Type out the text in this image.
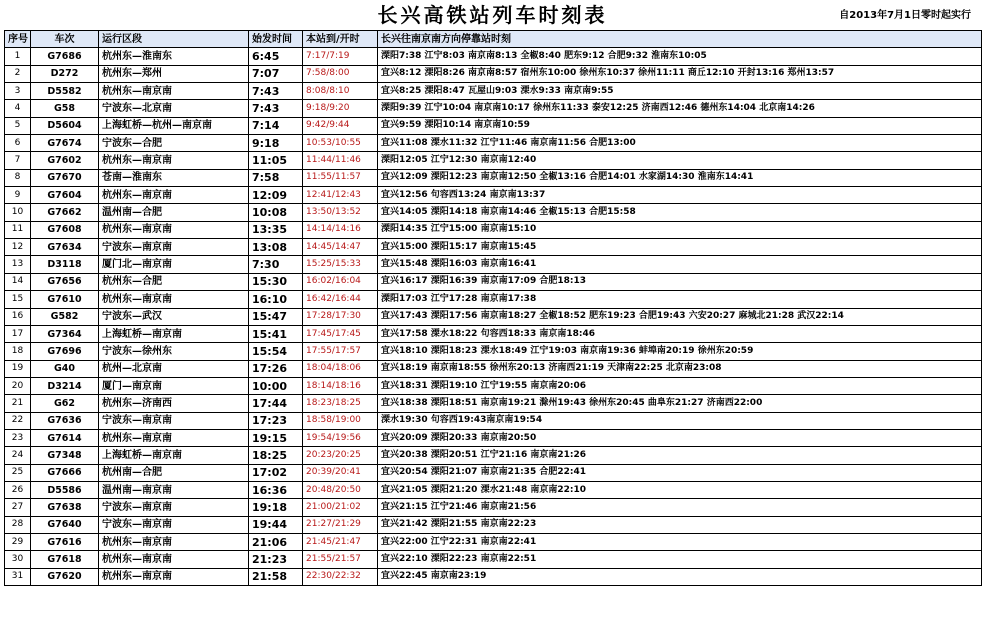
长兴高铁站列车时刻表	自2013年7月1日零时起实行
序号	车次	运行区段	始发时间	本站到/开时	长兴往南京南方向停靠站时刻
1	G7686	杭州东—淮南东	6:45	7:17/7:19	溧阳7:38 江宁8:03 南京南8:13 全椒8:40 肥东9:12 合肥9:32 淮南东10:05
2	D272	杭州东—郑州	7:07	7:58/8:00	宜兴8:12 溧阳8:26 南京南8:57 宿州东10:00 徐州东10:37 徐州11:11 商丘12:10 开封13:16 郑州13:57
3	D5582	杭州东—南京南	7:43	8:08/8:10	宜兴8:25 溧阳8:47 瓦屋山9:03 溧水9:33 南京南9:55
4	G58	宁波东—北京南	7:43	9:18/9:20	溧阳9:39 江宁10:04 南京南10:17 徐州东11:33 泰安12:25 济南西12:46 德州东14:04 北京南14:26
5	D5604	上海虹桥—杭州—南京南	7:14	9:42/9:44	宜兴9:59 溧阳10:14 南京南10:59
6	G7674	宁波东—合肥	9:18	10:53/10:55	宜兴11:08 溧水11:32 江宁11:46 南京南11:56 合肥13:00
7	G7602	杭州东—南京南	11:05	11:44/11:46	溧阳12:05 江宁12:30 南京南12:40
8	G7670	苍南—淮南东	7:58	11:55/11:57	宜兴12:09 溧阳12:23 南京南12:50 全椒13:16 合肥14:01 水家湖14:30 淮南东14:41
9	G7604	杭州东—南京南	12:09	12:41/12:43	宜兴12:56 句容西13:24 南京南13:37
10	G7662	温州南—合肥	10:08	13:50/13:52	宜兴14:05 溧阳14:18 南京南14:46 全椒15:13 合肥15:58
11	G7608	杭州东—南京南	13:35	14:14/14:16	溧阳14:35 江宁15:00 南京南15:10
12	G7634	宁波东—南京南	13:08	14:45/14:47	宜兴15:00 溧阳15:17 南京南15:45
13	D3118	厦门北—南京南	7:30	15:25/15:33	宜兴15:48 溧阳16:03 南京南16:41
14	G7656	杭州东—合肥	15:30	16:02/16:04	宜兴16:17 溧阳16:39 南京南17:09 合肥18:13
15	G7610	杭州东—南京南	16:10	16:42/16:44	溧阳17:03 江宁17:28 南京南17:38
16	G582	宁波东—武汉	15:47	17:28/17:30	宜兴17:43 溧阳17:56 南京南18:27 全椒18:52 肥东19:23 合肥19:43 六安20:27 麻城北21:28 武汉22:14
17	G7364	上海虹桥—南京南	15:41	17:45/17:45	宜兴17:58 溧水18:22 句容西18:33 南京南18:46
18	G7696	宁波东—徐州东	15:54	17:55/17:57	宜兴18:10 溧阳18:23 溧水18:49 江宁19:03 南京南19:36 蚌埠南20:19 徐州东20:59
19	G40	杭州—北京南	17:26	18:04/18:06	宜兴18:19 南京南18:55 徐州东20:13 济南西21:19 天津南22:25 北京南23:08
20	D3214	厦门—南京南	10:00	18:14/18:16	宜兴18:31 溧阳19:10 江宁19:55 南京南20:06
21	G62	杭州东—济南西	17:44	18:23/18:25	宜兴18:38 溧阳18:51 南京南19:21 滁州19:43 徐州东20:45 曲阜东21:27 济南西22:00
22	G7636	宁波东—南京南	17:23	18:58/19:00	溧水19:30 句容西19:43南京南19:54
23	G7614	杭州东—南京南	19:15	19:54/19:56	宜兴20:09 溧阳20:33 南京南20:50
24	G7348	上海虹桥—南京南	18:25	20:23/20:25	宜兴20:38 溧阳20:51 江宁21:16 南京南21:26
25	G7666	杭州南—合肥	17:02	20:39/20:41	宜兴20:54 溧阳21:07 南京南21:35 合肥22:41
26	D5586	温州南—南京南	16:36	20:48/20:50	宜兴21:05 溧阳21:20 溧水21:48 南京南22:10
27	G7638	宁波东—南京南	19:18	21:00/21:02	宜兴21:15 江宁21:46 南京南21:56
28	G7640	宁波东—南京南	19:44	21:27/21:29	宜兴21:42 溧阳21:55 南京南22:23
29	G7616	杭州东—南京南	21:06	21:45/21:47	宜兴22:00 江宁22:31 南京南22:41
30	G7618	杭州东—南京南	21:23	21:55/21:57	宜兴22:10 溧阳22:23 南京南22:51
31	G7620	杭州东—南京南	21:58	22:30/22:32	宜兴22:45 南京南23:19
